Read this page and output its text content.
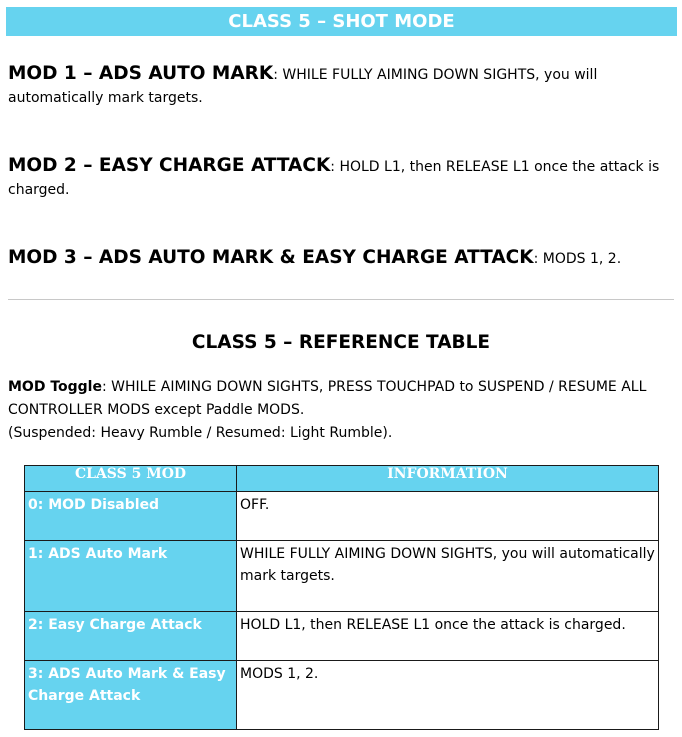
CLASS 5 – SHOT MODE
MOD 1 – ADS AUTO MARK: WHILE FULLY AIMING DOWN SIGHTS, you will automatically mark targets.
MOD 2 – EASY CHARGE ATTACK: HOLD L1, then RELEASE L1 once the attack is charged.
MOD 3 – ADS AUTO MARK & EASY CHARGE ATTACK: MODS 1, 2.
CLASS 5 – REFERENCE TABLE
MOD Toggle: WHILE AIMING DOWN SIGHTS, PRESS TOUCHPAD to SUSPEND / RESUME ALL CONTROLLER MODS except Paddle MODS.
(Suspended: Heavy Rumble / Resumed: Light Rumble).
CLASS 5 MOD	INFORMATION
0: MOD Disabled	OFF.
1: ADS Auto Mark	WHILE FULLY AIMING DOWN SIGHTS, you will automatically mark targets.
2: Easy Charge Attack	HOLD L1, then RELEASE L1 once the attack is charged.
3: ADS Auto Mark & Easy Charge Attack	MODS 1, 2.
